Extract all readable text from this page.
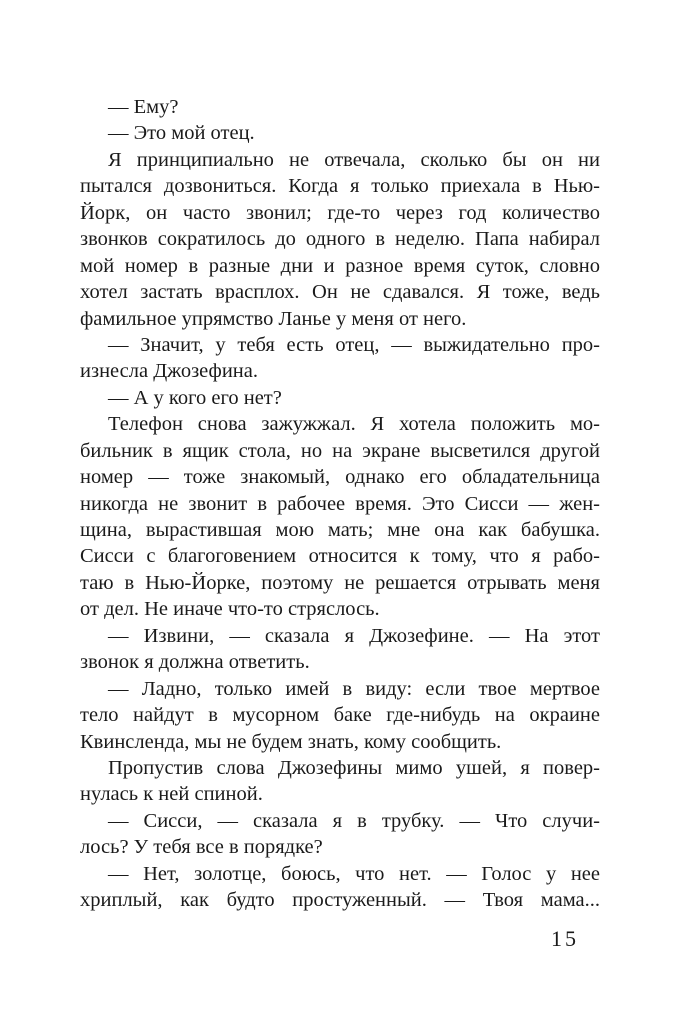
— Ему?
— Это мой отец.
Я принципиально не отвечала, сколько бы он ни
пытался дозвониться. Когда я только приехала в Нью-
Йорк, он часто звонил; где-то через год количество
звонков сократилось до одного в неделю. Папа набирал
мой номер в разные дни и разное время суток, словно
хотел застать врасплох. Он не сдавался. Я тоже, ведь
фамильное упрямство Ланье у меня от него.
— Значит, у тебя есть отец, — выжидательно про-
изнесла Джозефина.
— А у кого его нет?
Телефон снова зажужжал. Я хотела положить мо-
бильник в ящик стола, но на экране высветился другой
номер — тоже знакомый, однако его обладательница
никогда не звонит в рабочее время. Это Сисси — жен-
щина, вырастившая мою мать; мне она как бабушка.
Сисси с благоговением относится к тому, что я рабо-
таю в Нью-Йорке, поэтому не решается отрывать меня
от дел. Не иначе что-то стряслось.
— Извини, — сказала я Джозефине. — На этот
звонок я должна ответить.
— Ладно, только имей в виду: если твое мертвое
тело найдут в мусорном баке где-нибудь на окраине
Квинсленда, мы не будем знать, кому сообщить.
Пропустив слова Джозефины мимо ушей, я повер-
нулась к ней спиной.
— Сисси, — сказала я в трубку. — Что случи-
лось? У тебя все в порядке?
— Нет, золотце, боюсь, что нет. — Голос у нее
хриплый, как будто простуженный. — Твоя мама...
15
